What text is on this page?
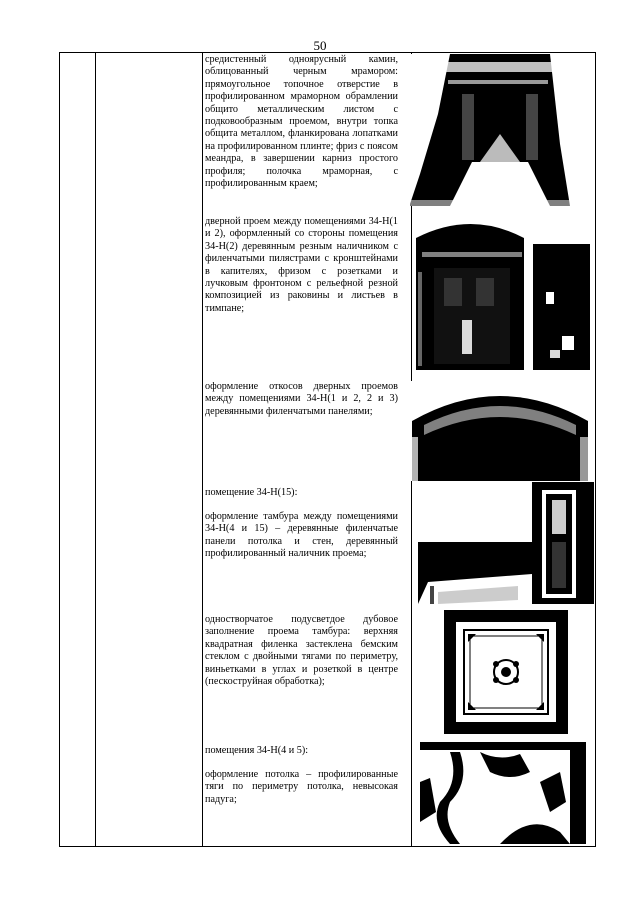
50
средистенный одноярусный камин, облицованный черным мрамором: прямоугольное топочное отверстие в профилированном мраморном обрамлении общито металлическим листом с подковообразным проемом, внутри топка общита металлом, фланкирована лопатками на профилированном плинте; фриз с поясом меандра, в завершении карниз простого профиля; полочка мраморная, с профилированным краем;
дверной проем между помещениями 34-Н(1 и 2), оформленный со стороны помещения 34-Н(2) деревянным резным наличником с филенчатыми пилястрами с кронштейнами в капителях, фризом с розетками и лучковым фронтоном с рельефной резной композицией из раковины и листьев в тимпане;
оформление откосов дверных проемов между помещениями 34-Н(1 и 2, 2 и 3) деревянными филенчатыми панелями;
помещение 34-Н(15):
оформление тамбура между помещениями 34-Н(4 и 15) – деревянные филенчатые панели потолка и стен, деревянный профилированный наличник проема;
одностворчатое подусветдое дубовое заполнение проема тамбура: верхняя квадратная филенка застеклена бемским стеклом с двойными тягами по периметру, виньетками в углах и розеткой в центре (пескоструйная обработка);
помещения 34-Н(4 и 5):
оформление потолка – профилированные тяги по периметру потолка, невысокая падуга;
